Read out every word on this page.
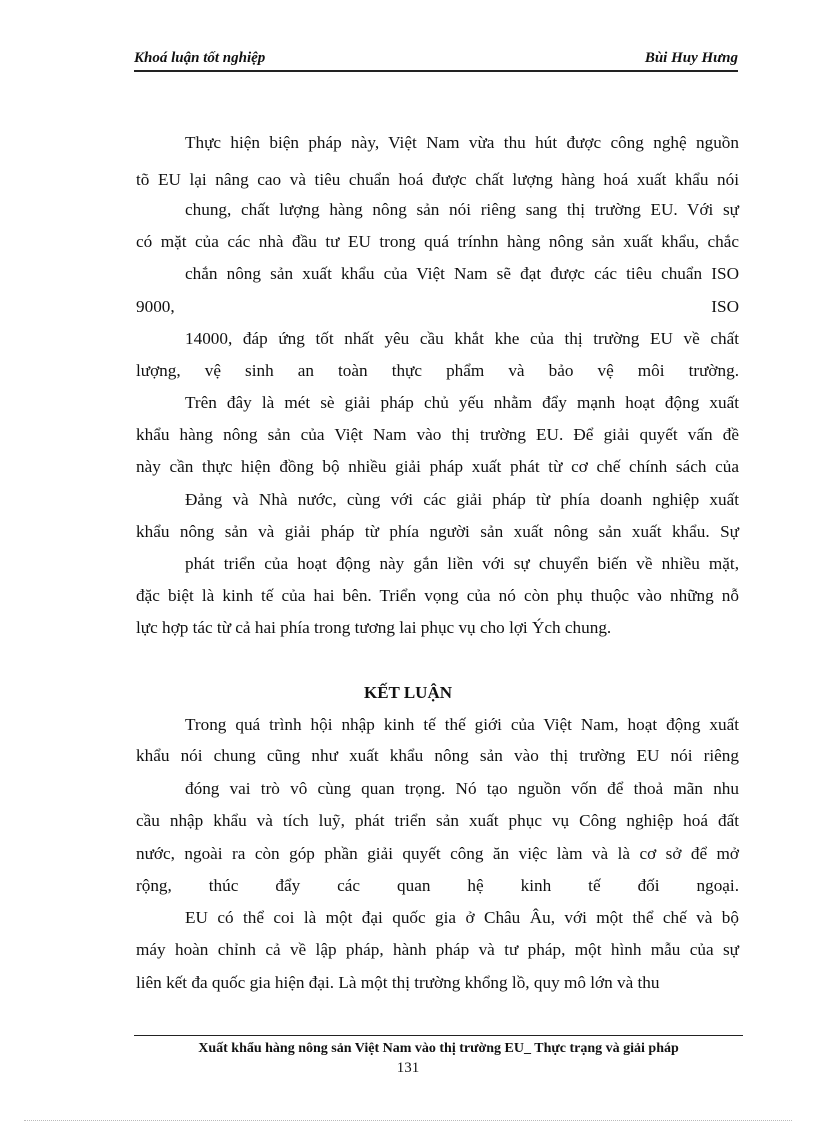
Khoá luận tốt nghiệp	Bùi Huy Hưng
Thực hiện biện pháp này, Việt Nam vừa thu hút được công nghệ nguồn
tõ EU lại nâng cao và tiêu chuẩn hoá được chất lượng hàng hoá xuất khẩu nói
chung, chất lượng hàng nông sản nói riêng sang thị trường EU. Với sự
có mặt của các nhà đầu tư EU trong quá trínhn hàng nông sản xuất khẩu, chắc
chắn nông sản xuất khẩu của Việt Nam sẽ đạt được các tiêu chuẩn ISO
9000,	ISO
14000, đáp ứng tốt nhất yêu cầu khắt khe của thị trường EU về chất
lượng, vệ sinh an toàn thực phẩm và bảo vệ môi trường.
Trên đây là mét sè giải pháp chủ yếu nhằm đẩy mạnh hoạt động xuất
khẩu hàng nông sản của Việt Nam vào thị trường EU. Để giải quyết vấn đề
này cần thực hiện đồng bộ nhiều giải pháp xuất phát từ cơ chế chính sách của
Đảng và Nhà nước, cùng với các giải pháp từ phía doanh nghiệp xuất
khẩu nông sản và giải pháp từ phía người sản xuất nông sản xuất khẩu. Sự
phát triển của hoạt động này gắn liền với sự chuyển biến về nhiều mặt,
đặc biệt là kinh tế của hai bên. Triển vọng của nó còn phụ thuộc vào những nỗ
lực hợp tác từ cả hai phía trong tương lai phục vụ cho lợi Ých chung.
KẾT LUẬN
Trong quá trình hội nhập kinh tế thế giới của Việt Nam, hoạt động xuất
khẩu nói chung cũng như xuất khẩu nông sản vào thị trường EU nói riêng
đóng vai trò vô cùng quan trọng. Nó tạo nguồn vốn để thoả mãn nhu
cầu nhập khẩu và tích luỹ, phát triển sản xuất phục vụ Công nghiệp hoá đất
nước, ngoài ra còn góp phần giải quyết công ăn việc làm và là cơ sở để mở
rộng, thúc đẩy các quan hệ kinh tế đối ngoại.
EU có thể coi là một đại quốc gia ở Châu Âu, với một thể chế và bộ
máy hoàn chỉnh cả về lập pháp, hành pháp và tư pháp, một hình mẫu của sự
liên kết đa quốc gia hiện đại. Là một thị trường khổng lồ, quy mô lớn và thu
Xuất khẩu hàng nông sản Việt Nam vào thị trường EU_ Thực trạng và giải pháp
131
